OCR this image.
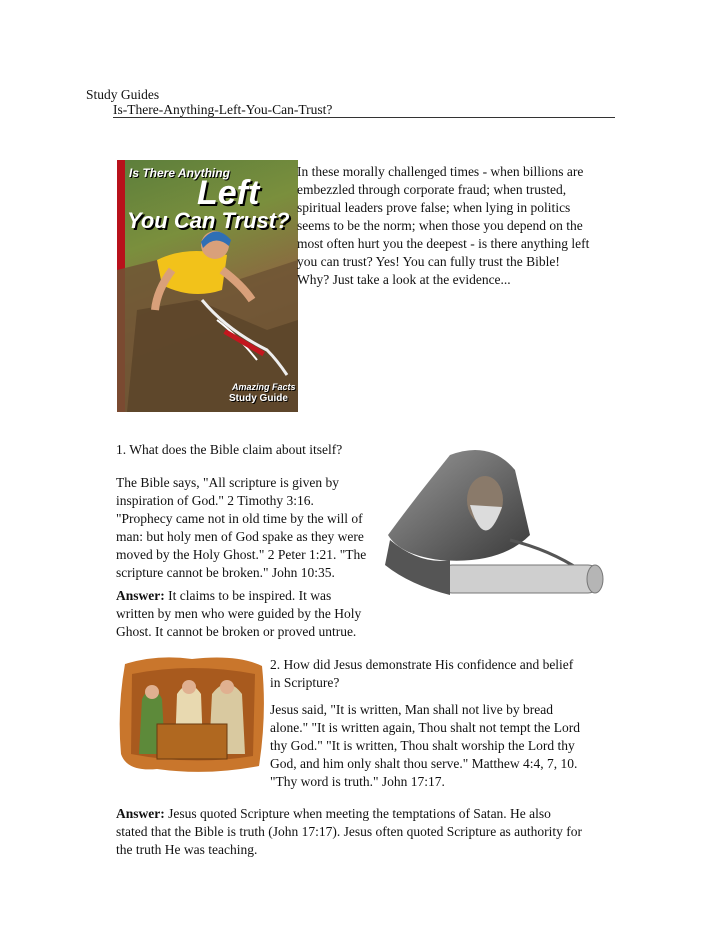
Study Guides
Is-There-Anything-Left-You-Can-Trust?
Is There Anything
Left
You Can Trust?
Amazing Facts
Study Guide
In these morally challenged times - when billions are
embezzled through corporate fraud; when trusted,
spiritual leaders prove false; when lying in politics
seems to be the norm; when those you depend on the
most often hurt you the deepest - is there anything left
you can trust? Yes! You can fully trust the Bible!
Why? Just take a look at the evidence...
1. What does the Bible claim about itself?
The Bible says, "All scripture is given by
inspiration of God." 2 Timothy 3:16.
"Prophecy came not in old time by the will of
man: but holy men of God spake as they were
moved by the Holy Ghost." 2 Peter 1:21. "The
scripture cannot be broken." John 10:35.
Answer: It claims to be inspired. It was
written by men who were guided by the Holy
Ghost. It cannot be broken or proved untrue.
2. How did Jesus demonstrate His confidence and belief
in Scripture?
Jesus said, "It is written, Man shall not live by bread
alone." "It is written again, Thou shalt not tempt the Lord
thy God." "It is written, Thou shalt worship the Lord thy
God, and him only shalt thou serve." Matthew 4:4, 7, 10.
"Thy word is truth." John 17:17.
Answer: Jesus quoted Scripture when meeting the temptations of Satan. He also
stated that the Bible is truth (John 17:17). Jesus often quoted Scripture as authority for
the truth He was teaching.
